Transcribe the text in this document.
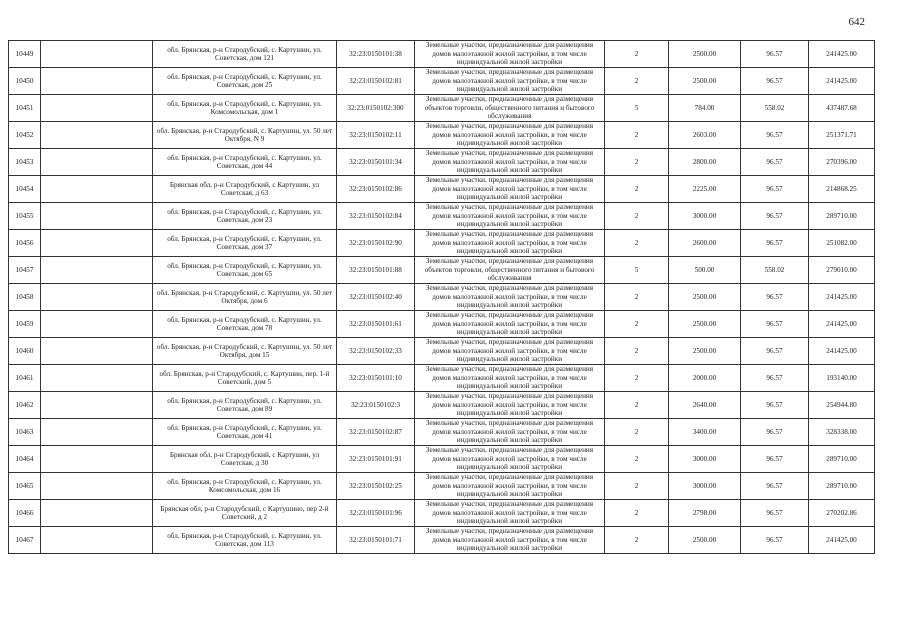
642
10449		обл. Брянская, р-н Стародубский, с. Картушин, ул. Советская, дом 121	32:23:0150101:38	Земельные участки, предназначенные для размещения домов малоэтажной жилой застройки, в том числе индивидуальной жилой застройки	2	2500.00	96.57	241425.00
10450		обл. Брянская, р-н Стародубский, с. Картушин, ул. Советская, дом 25	32:23:0150102:81	Земельные участки, предназначенные для размещения домов малоэтажной жилой застройки, в том числе индивидуальной жилой застройки	2	2500.00	96.57	241425.00
10451		обл. Брянская, р-н Стародубский, с. Картушин, ул. Комсомольская, дом 1	32:23:0150102:300	Земельные участки, предназначенные для размещения объектов торговли, общественного питания и бытового обслуживания	5	784.00	558.02	437487.68
10452		обл. Брянская, р-н Стародубский, с. Картушин, ул. 50 лет Октября, N 9	32:23:0150102:11	Земельные участки, предназначенные для размещения домов малоэтажной жилой застройки, в том числе индивидуальной жилой застройки	2	2603.00	96.57	251371.71
10453		обл. Брянская, р-н Стародубский, с. Картушин, ул. Советская, дом 44	32:23:0150101:34	Земельные участки, предназначенные для размещения домов малоэтажной жилой застройки, в том числе индивидуальной жилой застройки	2	2800.00	96.57	270396.00
10454		Брянская обл, р-н Стародубский, с Картушин, ул Советская, д 63	32:23:0150102:86	Земельные участки, предназначенные для размещения домов малоэтажной жилой застройки, в том числе индивидуальной жилой застройки	2	2225.00	96.57	214868.25
10455		обл. Брянская, р-н Стародубский, с. Картушин, ул. Советская, дом 23	32:23:0150102:84	Земельные участки, предназначенные для размещения домов малоэтажной жилой застройки, в том числе индивидуальной жилой застройки	2	3000.00	96.57	289710.00
10456		обл. Брянская, р-н Стародубский, с. Картушин, ул. Советская, дом 37	32:23:0150102:90	Земельные участки, предназначенные для размещения домов малоэтажной жилой застройки, в том числе индивидуальной жилой застройки	2	2600.00	96.57	251082.00
10457		обл. Брянская, р-н Стародубский, с. Картушин, ул. Советская, дом 65	32:23:0150101:88	Земельные участки, предназначенные для размещения объектов торговли, общественного питания и бытового обслуживания	5	500.00	558.02	279010.00
10458		обл. Брянская, р-н Стародубский, с. Картушин, ул. 50 лет Октября, дом 6	32:23:0150102:40	Земельные участки, предназначенные для размещения домов малоэтажной жилой застройки, в том числе индивидуальной жилой застройки	2	2500.00	96.57	241425.00
10459		обл. Брянская, р-н Стародубский, с. Картушин, ул. Советская, дом 78	32:23:0150101:61	Земельные участки, предназначенные для размещения домов малоэтажной жилой застройки, в том числе индивидуальной жилой застройки	2	2500.00	96.57	241425.00
10460		обл. Брянская, р-н Стародубский, с. Картушин, ул. 50 лет Октября, дом 15	32:23:0150102:33	Земельные участки, предназначенные для размещения домов малоэтажной жилой застройки, в том числе индивидуальной жилой застройки	2	2500.00	96.57	241425.00
10461		обл. Брянская, р-н Стародубский, с. Картушин, пер. 1-й Советский, дом 5	32:23:0150101:10	Земельные участки, предназначенные для размещения домов малоэтажной жилой застройки, в том числе индивидуальной жилой застройки	2	2000.00	96.57	193140.00
10462		обл. Брянская, р-н Стародубский, с. Картушин, ул. Советская, дом 89	32:23:0150102:3	Земельные участки, предназначенные для размещения домов малоэтажной жилой застройки, в том числе индивидуальной жилой застройки	2	2640.00	96.57	254944.80
10463		обл. Брянская, р-н Стародубский, с. Картушин, ул. Советская, дом 41	32:23:0150102:87	Земельные участки, предназначенные для размещения домов малоэтажной жилой застройки, в том числе индивидуальной жилой застройки	2	3400.00	96.57	328338.00
10464		Брянская обл, р-н Стародубский, с Картушин, ул Советская, д 30	32:23:0150101:91	Земельные участки, предназначенные для размещения домов малоэтажной жилой застройки, в том числе индивидуальной жилой застройки	2	3000.00	96.57	289710.00
10465		обл. Брянская, р-н Стародубский, с. Картушин, ул. Комсомольская, дом 16	32:23:0150102:25	Земельные участки, предназначенные для размещения домов малоэтажной жилой застройки, в том числе индивидуальной жилой застройки	2	3000.00	96.57	289710.00
10466		Брянская обл, р-н Стародубский, с Картушино, пер 2-й Советский, д 2	32:23:0150101:96	Земельные участки, предназначенные для размещения домов малоэтажной жилой застройки, в том числе индивидуальной жилой застройки	2	2798.00	96.57	270202.86
10467		обл. Брянская, р-н Стародубский, с. Картушин, ул. Советская, дом 113	32:23:0150101:71	Земельные участки, предназначенные для размещения домов малоэтажной жилой застройки, в том числе индивидуальной жилой застройки	2	2500.00	96.57	241425.00
